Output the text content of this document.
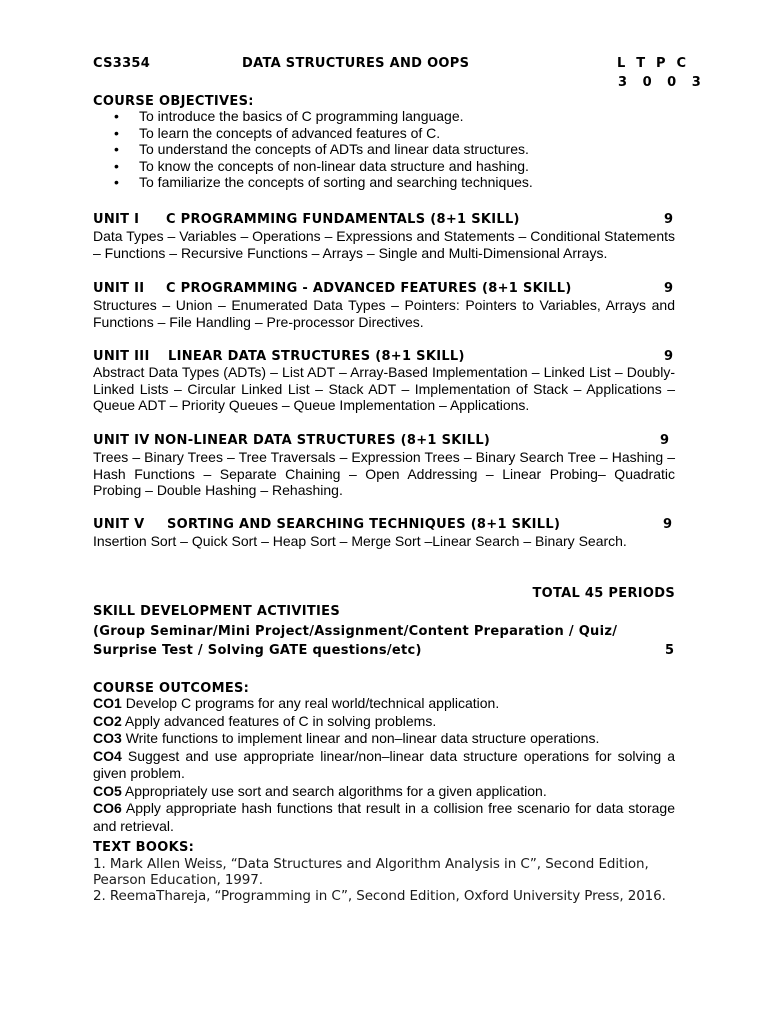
CS3354	DATA STRUCTURES AND OOPS	L T P C
3 0 0 3
COURSE OBJECTIVES:
• To introduce the basics of C programming language.
• To learn the concepts of advanced features of C.
• To understand the concepts of ADTs and linear data structures.
• To know the concepts of non-linear data structure and hashing.
• To familiarize the concepts of sorting and searching techniques.
UNIT I C PROGRAMMING FUNDAMENTALS (8+1 SKILL)	9
Data Types – Variables – Operations – Expressions and Statements – Conditional Statements – Functions – Recursive Functions – Arrays – Single and Multi-Dimensional Arrays.
UNIT II C PROGRAMMING - ADVANCED FEATURES (8+1 SKILL)	9
Structures – Union – Enumerated Data Types – Pointers: Pointers to Variables, Arrays and Functions – File Handling – Pre-processor Directives.
UNIT III LINEAR DATA STRUCTURES (8+1 SKILL)	9
Abstract Data Types (ADTs) – List ADT – Array-Based Implementation – Linked List – Doubly-Linked Lists – Circular Linked List – Stack ADT – Implementation of Stack – Applications – Queue ADT – Priority Queues – Queue Implementation – Applications.
UNIT IV NON-LINEAR DATA STRUCTURES (8+1 SKILL)	9
Trees – Binary Trees – Tree Traversals – Expression Trees – Binary Search Tree – Hashing – Hash Functions – Separate Chaining – Open Addressing – Linear Probing– Quadratic Probing – Double Hashing – Rehashing.
UNIT V SORTING AND SEARCHING TECHNIQUES (8+1 SKILL)	9
Insertion Sort – Quick Sort – Heap Sort – Merge Sort –Linear Search – Binary Search.
TOTAL 45 PERIODS
SKILL DEVELOPMENT ACTIVITIES
(Group Seminar/Mini Project/Assignment/Content Preparation / Quiz/
Surprise Test / Solving GATE questions/etc)	5
COURSE OUTCOMES:
CO1 Develop C programs for any real world/technical application.
CO2 Apply advanced features of C in solving problems.
CO3 Write functions to implement linear and non–linear data structure operations.
CO4 Suggest and use appropriate linear/non–linear data structure operations for solving a given problem.
CO5 Appropriately use sort and search algorithms for a given application.
CO6 Apply appropriate hash functions that result in a collision free scenario for data storage and retrieval.
TEXT BOOKS:
1. Mark Allen Weiss, “Data Structures and Algorithm Analysis in C”, Second Edition, Pearson Education, 1997.
2. ReemaThareja, “Programming in C”, Second Edition, Oxford University Press, 2016.
